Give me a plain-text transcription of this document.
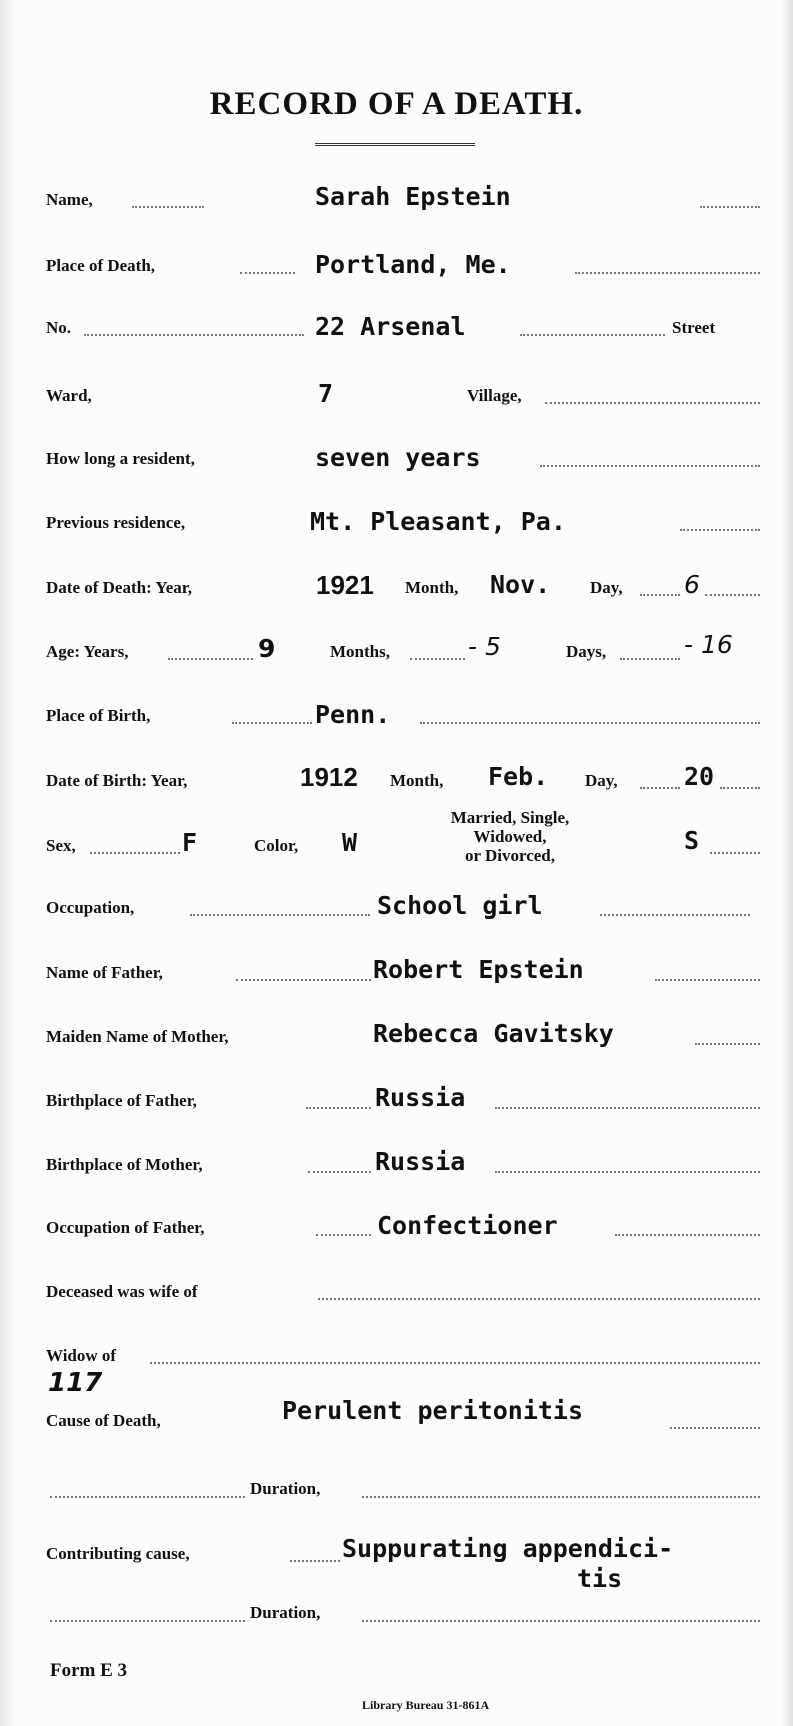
RECORD OF A DEATH.
Name,	Sarah Epstein
Place of Death,	Portland, Me.
No.	22 Arsenal	Street
Ward,	7	Village,
How long a resident,	seven years
Previous residence,	Mt. Pleasant, Pa.
Date of Death: Year,	1921 Month, Nov. Day, 6
Age: Years,	9	Months,	- 5	Days,	- 16
Place of Birth,	Penn.
Date of Birth: Year,	1912 Month, Feb. Day,	20
Sex,	F	Color, W
Married, Single,
Widowed,
or Divorced,
S
Occupation,	School girl
Name of Father,	Robert Epstein
Maiden Name of Mother,	Rebecca Gavitsky
Birthplace of Father,	Russia
Birthplace of Mother,	Russia
Occupation of Father,	Confectioner
Deceased was wife of
Widow of
117
Cause of Death,	Perulent peritonitis
Duration,
Contributing cause,	Suppurating appendici-
tis
Duration,
Form E 3
Library Bureau 31-861A
